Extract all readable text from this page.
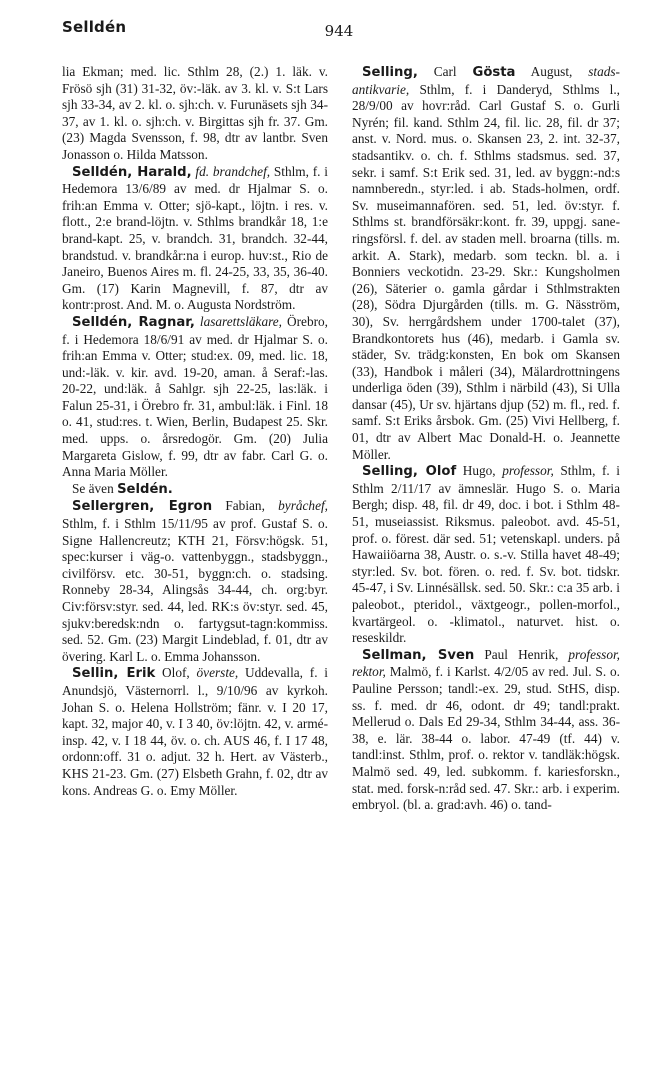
Selldén	944

lia Ekman; med. lic. Sthlm 28, (2.) 1. läk. v. Frösö sjh (31) 31-32, öv:-läk. av 3. kl. v. S:t Lars sjh 33-34, av 2. kl. o. sjh:ch. v. Furunäsets sjh 34-37, av 1. kl. o. sjh:ch. v. Birgittas sjh fr. 37. Gm. (23) Magda Svensson, f. 98, dtr av lantbr. Sven Jonasson o. Hilda Matsson.

Selldén, Harald, fd. brandchef, Sthlm, f. i Hedemora 13/6/89 av med. dr Hjalmar S. o. frih:an Emma v. Otter; sjö-kapt., löjtn. i res. v. flott., 2:e brand-löjtn. v. Sthlms brandkår 18, 1:e brand-kapt. 25, v. brandch. 31, brandch. 32-44, brandstud. v. brandkår:na i europ. huv:st., Rio de Janeiro, Buenos Aires m. fl. 24-25, 33, 35, 36-40. Gm. (17) Karin Magnevill, f. 87, dtr av kontr:prost. And. M. o. Augusta Nordström.

Selldén, Ragnar, lasarettsläkare, Örebro, f. i Hedemora 18/6/91 av med. dr Hjalmar S. o. frih:an Emma v. Otter; stud:ex. 09, med. lic. 18, und:-läk. v. kir. avd. 19-20, aman. å Seraf:-las. 20-22, und:läk. å Sahlgr. sjh 22-25, las:läk. i Falun 25-31, i Örebro fr. 31, ambul:läk. i Finl. 18 o. 41, stud:res. t. Wien, Berlin, Budapest 25. Skr. med. upps. o. årsredogör. Gm. (20) Julia Margareta Gislow, f. 99, dtr av fabr. Carl G. o. Anna Maria Möller.

Se även Seldén.

Sellergren, Egron Fabian, byråchef, Sthlm, f. i Sthlm 15/11/95 av prof. Gustaf S. o. Signe Hallencreutz; KTH 21, Försv:högsk. 51, spec:kurser i väg-o. vattenbyggn., stadsbyggn., civilförsv. etc. 30-51, byggn:ch. o. stadsing. Ronneby 28-34, Alingsås 34-44, ch. org:byr. Civ:försv:styr. sed. 44, led. RK:s öv:styr. sed. 45, sjukv:beredsk:ndn o. fartygsut-tagn:kommiss. sed. 52. Gm. (23) Margit Lindeblad, f. 01, dtr av övering. Karl L. o. Emma Johansson.

Sellin, Erik Olof, överste, Uddevalla, f. i Anundsjö, Västernorrl. l., 9/10/96 av kyrkoh. Johan S. o. Helena Hollström; fänr. v. I 20 17, kapt. 32, major 40, v. I 3 40, öv:löjtn. 42, v. armé-insp. 42, v. I 18 44, öv. o. ch. AUS 46, f. I 17 48, ordonn:off. 31 o. adjut. 32 h. Hert. av Västerb., KHS 21-23. Gm. (27) Elsbeth Grahn, f. 02, dtr av kons. Andreas G. o. Emy Möller.

Selling, Carl Gösta August, stads-antikvarie, Sthlm, f. i Danderyd, Sthlms l., 28/9/00 av hovr:råd. Carl Gustaf S. o. Gurli Nyrén; fil. kand. Sthlm 24, fil. lic. 28, fil. dr 37; anst. v. Nord. mus. o. Skansen 23, 2. int. 32-37, stadsantikv. o. ch. f. Sthlms stadsmus. sed. 37, sekr. i samf. S:t Erik sed. 31, led. av byggn:-nd:s namnberedn., styr:led. i ab. Stads-holmen, ordf. Sv. museimannafören. sed. 51, led. öv:styr. f. Sthlms st. brandförsäkr:kont. fr. 39, uppgj. sane-ringsförsl. f. del. av staden mell. broarna (tills. m. arkit. A. Stark), medarb. som teckn. bl. a. i Bonniers veckotidn. 23-29. Skr.: Kungsholmen (26), Säterier o. gamla gårdar i Sthlmstrakten (28), Södra Djurgården (tills. m. G. Näsström, 30), Sv. herrgårdshem under 1700-talet (37), Brandkontorets hus (46), medarb. i Gamla sv. städer, Sv. trädg:konsten, En bok om Skansen (33), Handbok i måleri (34), Mälardrottningens underliga öden (39), Sthlm i närbild (43), Si Ulla dansar (45), Ur sv. hjärtans djup (52) m. fl., red. f. samf. S:t Eriks årsbok. Gm. (25) Vivi Hellberg, f. 01, dtr av Albert Mac Donald-H. o. Jeannette Möller.

Selling, Olof Hugo, professor, Sthlm, f. i Sthlm 2/11/17 av ämneslär. Hugo S. o. Maria Bergh; disp. 48, fil. dr 49, doc. i bot. i Sthlm 48-51, museiassist. Riksmus. paleobot. avd. 45-51, prof. o. förest. där sed. 51; vetenskapl. unders. på Hawaiiöarna 38, Austr. o. s.-v. Stilla havet 48-49; styr:led. Sv. bot. fören. o. red. f. Sv. bot. tidskr. 45-47, i Sv. Linnésällsk. sed. 50. Skr.: c:a 35 arb. i paleobot., pteridol., växtgeogr., pollen-morfol., kvartärgeol. o. -klimatol., naturvet. hist. o. reseskildr.

Sellman, Sven Paul Henrik, professor, rektor, Malmö, f. i Karlst. 4/2/05 av red. Jul. S. o. Pauline Persson; tandl:-ex. 29, stud. StHS, disp. ss. f. med. dr 46, odont. dr 49; tandl:prakt. Mellerud o. Dals Ed 29-34, Sthlm 34-44, ass. 36-38, e. lär. 38-44 o. labor. 47-49 (tf. 44) v. tandl:inst. Sthlm, prof. o. rektor v. tandläk:högsk. Malmö sed. 49, led. subkomm. f. kariesforskn., stat. med. forsk-n:råd sed. 47. Skr.: arb. i experim. embryol. (bl. a. grad:avh. 46) o. tand-
